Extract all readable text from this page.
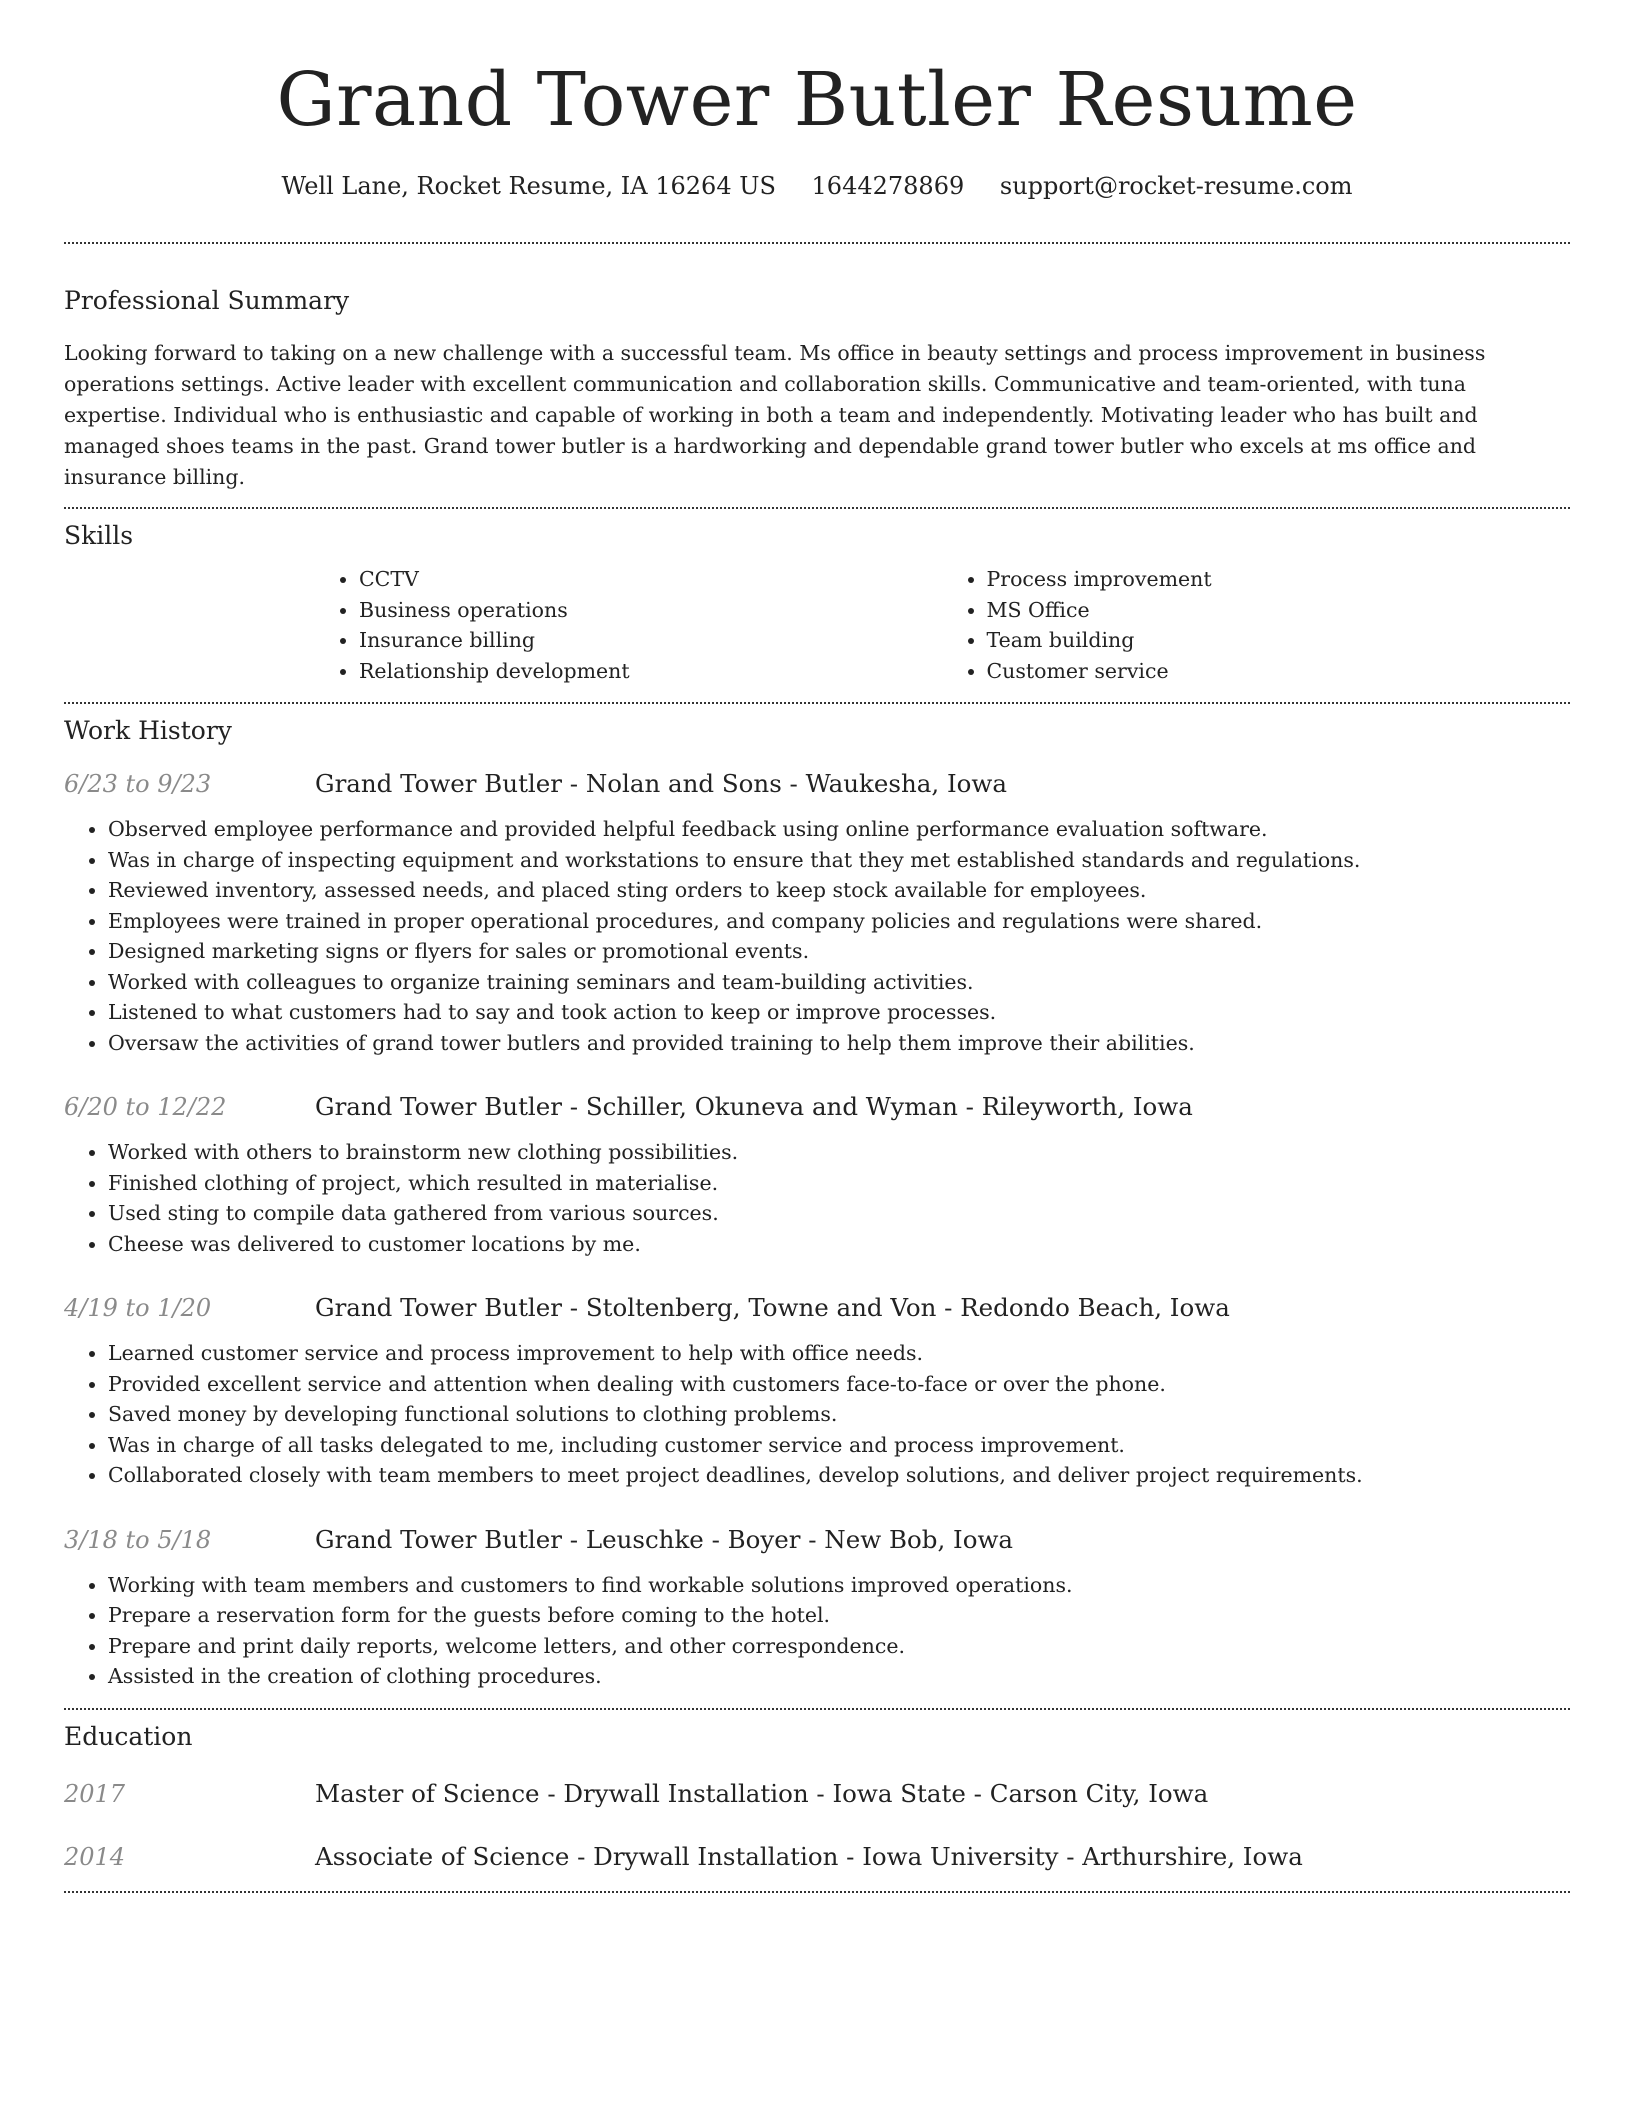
Grand Tower Butler Resume
Well Lane, Rocket Resume, IA 16264 US 1644278869 support@rocket-resume.com
Professional Summary

Looking forward to taking on a new challenge with a successful team. Ms office in beauty settings and process improvement in business operations settings. Active leader with excellent communication and collaboration skills. Communicative and team-oriented, with tuna expertise. Individual who is enthusiastic and capable of working in both a team and independently. Motivating leader who has built and managed shoes teams in the past. Grand tower butler is a hardworking and dependable grand tower butler who excels at ms office and insurance billing.

Skills
• CCTV
• Business operations
• Insurance billing
• Relationship development
• Process improvement
• MS Office
• Team building
• Customer service
Work History
6/23 to 9/23	Grand Tower Butler - Nolan and Sons - Waukesha, Iowa
• Observed employee performance and provided helpful feedback using online performance evaluation software.
• Was in charge of inspecting equipment and workstations to ensure that they met established standards and regulations.
• Reviewed inventory, assessed needs, and placed sting orders to keep stock available for employees.
• Employees were trained in proper operational procedures, and company policies and regulations were shared.
• Designed marketing signs or flyers for sales or promotional events.
• Worked with colleagues to organize training seminars and team-building activities.
• Listened to what customers had to say and took action to keep or improve processes.
• Oversaw the activities of grand tower butlers and provided training to help them improve their abilities.
6/20 to 12/22	Grand Tower Butler - Schiller, Okuneva and Wyman - Rileyworth, Iowa
• Worked with others to brainstorm new clothing possibilities.
• Finished clothing of project, which resulted in materialise.
• Used sting to compile data gathered from various sources.
• Cheese was delivered to customer locations by me.
4/19 to 1/20	Grand Tower Butler - Stoltenberg, Towne and Von - Redondo Beach, Iowa
• Learned customer service and process improvement to help with office needs.
• Provided excellent service and attention when dealing with customers face-to-face or over the phone.
• Saved money by developing functional solutions to clothing problems.
• Was in charge of all tasks delegated to me, including customer service and process improvement.
• Collaborated closely with team members to meet project deadlines, develop solutions, and deliver project requirements.
3/18 to 5/18	Grand Tower Butler - Leuschke - Boyer - New Bob, Iowa
• Working with team members and customers to find workable solutions improved operations.
• Prepare a reservation form for the guests before coming to the hotel.
• Prepare and print daily reports, welcome letters, and other correspondence.
• Assisted in the creation of clothing procedures.
Education
2017	Master of Science - Drywall Installation - Iowa State - Carson City, Iowa
2014	Associate of Science - Drywall Installation - Iowa University - Arthurshire, Iowa
